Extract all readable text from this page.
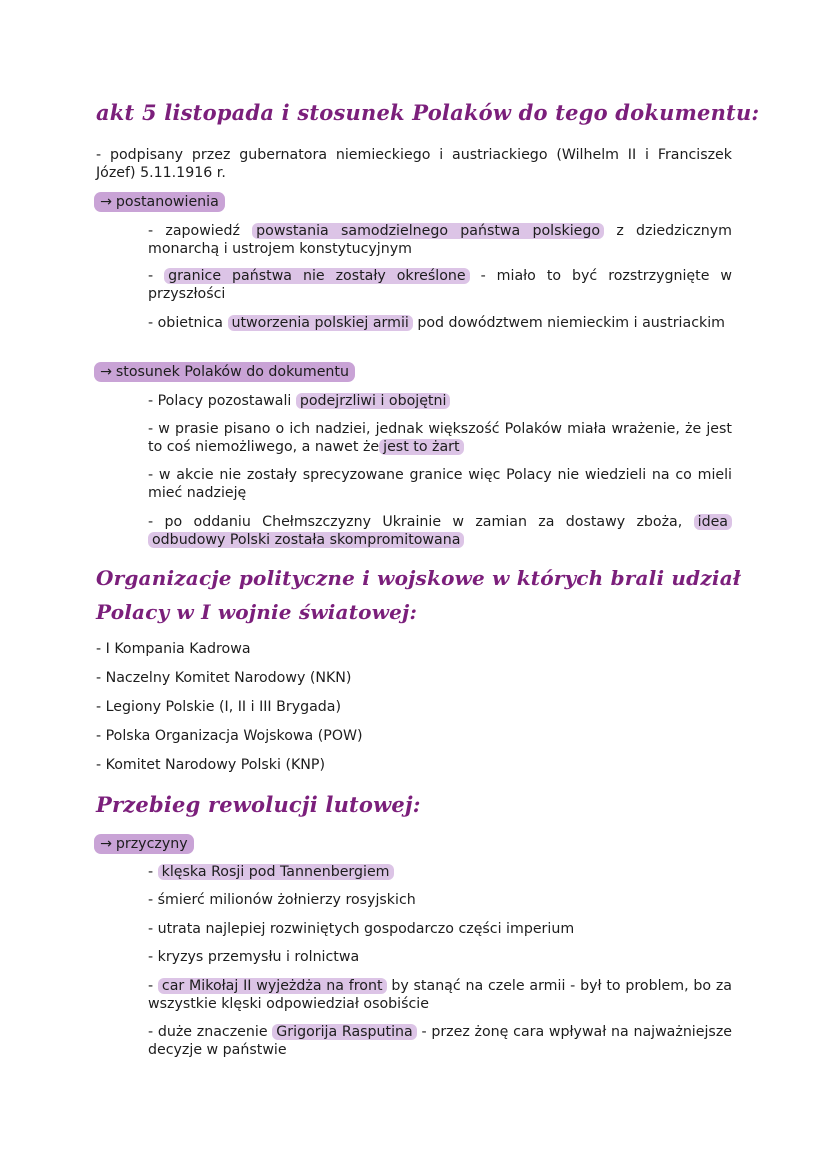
akt 5 listopada i stosunek Polaków do tego dokumentu:

- podpisany przez gubernatora niemieckiego i austriackiego (Wilhelm II i Franciszek Józef) 5.11.1916 r.

→ postanowienia

- zapowiedź powstania samodzielnego państwa polskiego z dziedzicznym monarchą i ustrojem konstytucyjnym

- granice państwa nie zostały określone - miało to być rozstrzygnięte w przyszłości

- obietnica utworzenia polskiej armii pod dowództwem niemieckim i austriackim

→ stosunek Polaków do dokumentu

- Polacy pozostawali podejrzliwi i obojętni

- w prasie pisano o ich nadziei, jednak większość Polaków miała wrażenie, że jest to coś niemożliwego, a nawet że jest to żart

- w akcie nie zostały sprecyzowane granice więc Polacy nie wiedzieli na co mieli mieć nadzieję

- po oddaniu Chełmszczyzny Ukrainie w zamian za dostawy zboża, idea odbudowy Polski została skompromitowana

Organizacje polityczne i wojskowe w których brali udział
Polacy w I wojnie światowej:

- I Kompania Kadrowa

- Naczelny Komitet Narodowy (NKN)

- Legiony Polskie (I, II i III Brygada)

- Polska Organizacja Wojskowa (POW)

- Komitet Narodowy Polski (KNP)

Przebieg rewolucji lutowej:
→ przyczyny

- klęska Rosji pod Tannenbergiem

- śmierć milionów żołnierzy rosyjskich

- utrata najlepiej rozwiniętych gospodarczo części imperium

- kryzys przemysłu i rolnictwa

- car Mikołaj II wyjeżdża na front by stanąć na czele armii - był to problem, bo za wszystkie klęski odpowiedział osobiście

- duże znaczenie Grigorija Rasputina - przez żonę cara wpływał na najważniejsze decyzje w państwie
